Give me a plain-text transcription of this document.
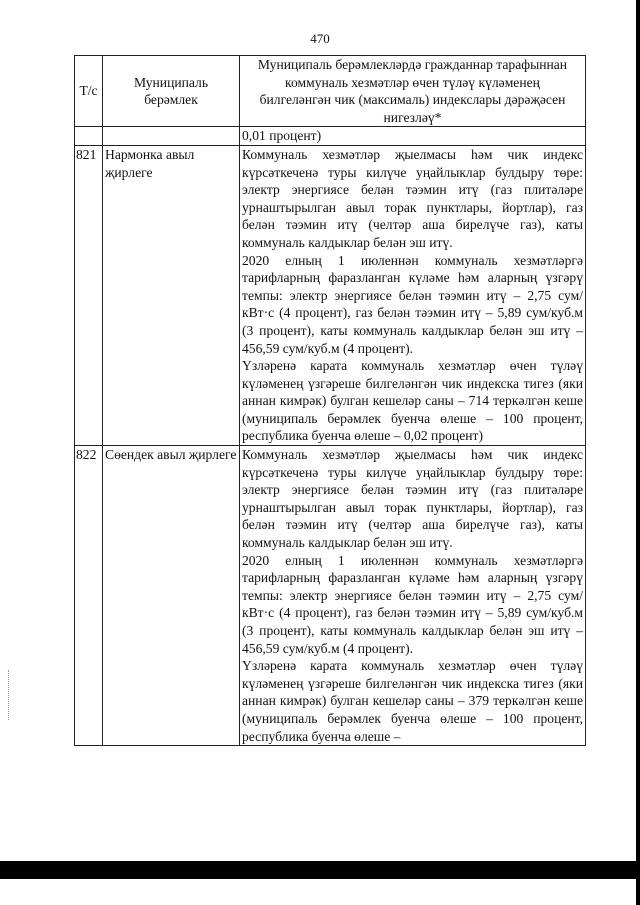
470
Т/с	Муниципаль берәмлек	Муниципаль берәмлекләрдә гражданнар тарафыннан коммуналь хезмәтләр өчен түләү күләменең билгеләнгән чик (максималь) индекслары дәрәҗәсен нигезләү*
		0,01 процент)
821	Нармонка авыл җирлеге	Коммуналь хезмәтләр җыелмасы һәм чик индекс күрсәткеченә туры килүче уңайлыклар булдыру төре: электр энергиясе белән тәэмин итү (газ плитәләре урнаштырылган авыл торак пунктлары, йортлар), газ белән тәэмин итү (челтәр аша бирелүче газ), каты коммуналь калдыклар белән эш итү.

2020 елның 1 июленнән коммуналь хезмәтләргә тарифларның фаразланган күләме һәм аларның үзгәрү темпы: электр энергиясе белән тәэмин итү – 2,75 сум/кВт·с (4 процент), газ белән тәэмин итү – 5,89 сум/куб.м (3 процент), каты коммуналь калдыклар белән эш итү – 456,59 сум/куб.м (4 процент).

Үзләренә карата коммуналь хезмәтләр өчен түләү күләменең үзгәреше билгеләнгән чик индекска тигез (яки аннан кимрәк) булган кешеләр саны – 714 теркәлгән кеше (муниципаль берәмлек буенча өлеше – 100 процент, республика буенча өлеше – 0,02 процент)

822	Сөендек авыл җирлеге	Коммуналь хезмәтләр җыелмасы һәм чик индекс күрсәткеченә туры килүче уңайлыклар булдыру төре: электр энергиясе белән тәэмин итү (газ плитәләре урнаштырылган авыл торак пунктлары, йортлар), газ белән тәэмин итү (челтәр аша бирелүче газ), каты коммуналь калдыклар белән эш итү.

2020 елның 1 июленнән коммуналь хезмәтләргә тарифларның фаразланган күләме һәм аларның үзгәрү темпы: электр энергиясе белән тәэмин итү – 2,75 сум/кВт·с (4 процент), газ белән тәэмин итү – 5,89 сум/куб.м (3 процент), каты коммуналь калдыклар белән эш итү – 456,59 сум/куб.м (4 процент).

Үзләренә карата коммуналь хезмәтләр өчен түләү күләменең үзгәреше билгеләнгән чик индекска тигез (яки аннан кимрәк) булган кешеләр саны – 379 теркәлгән кеше (муниципаль берәмлек буенча өлеше – 100 процент, республика буенча өлеше –
